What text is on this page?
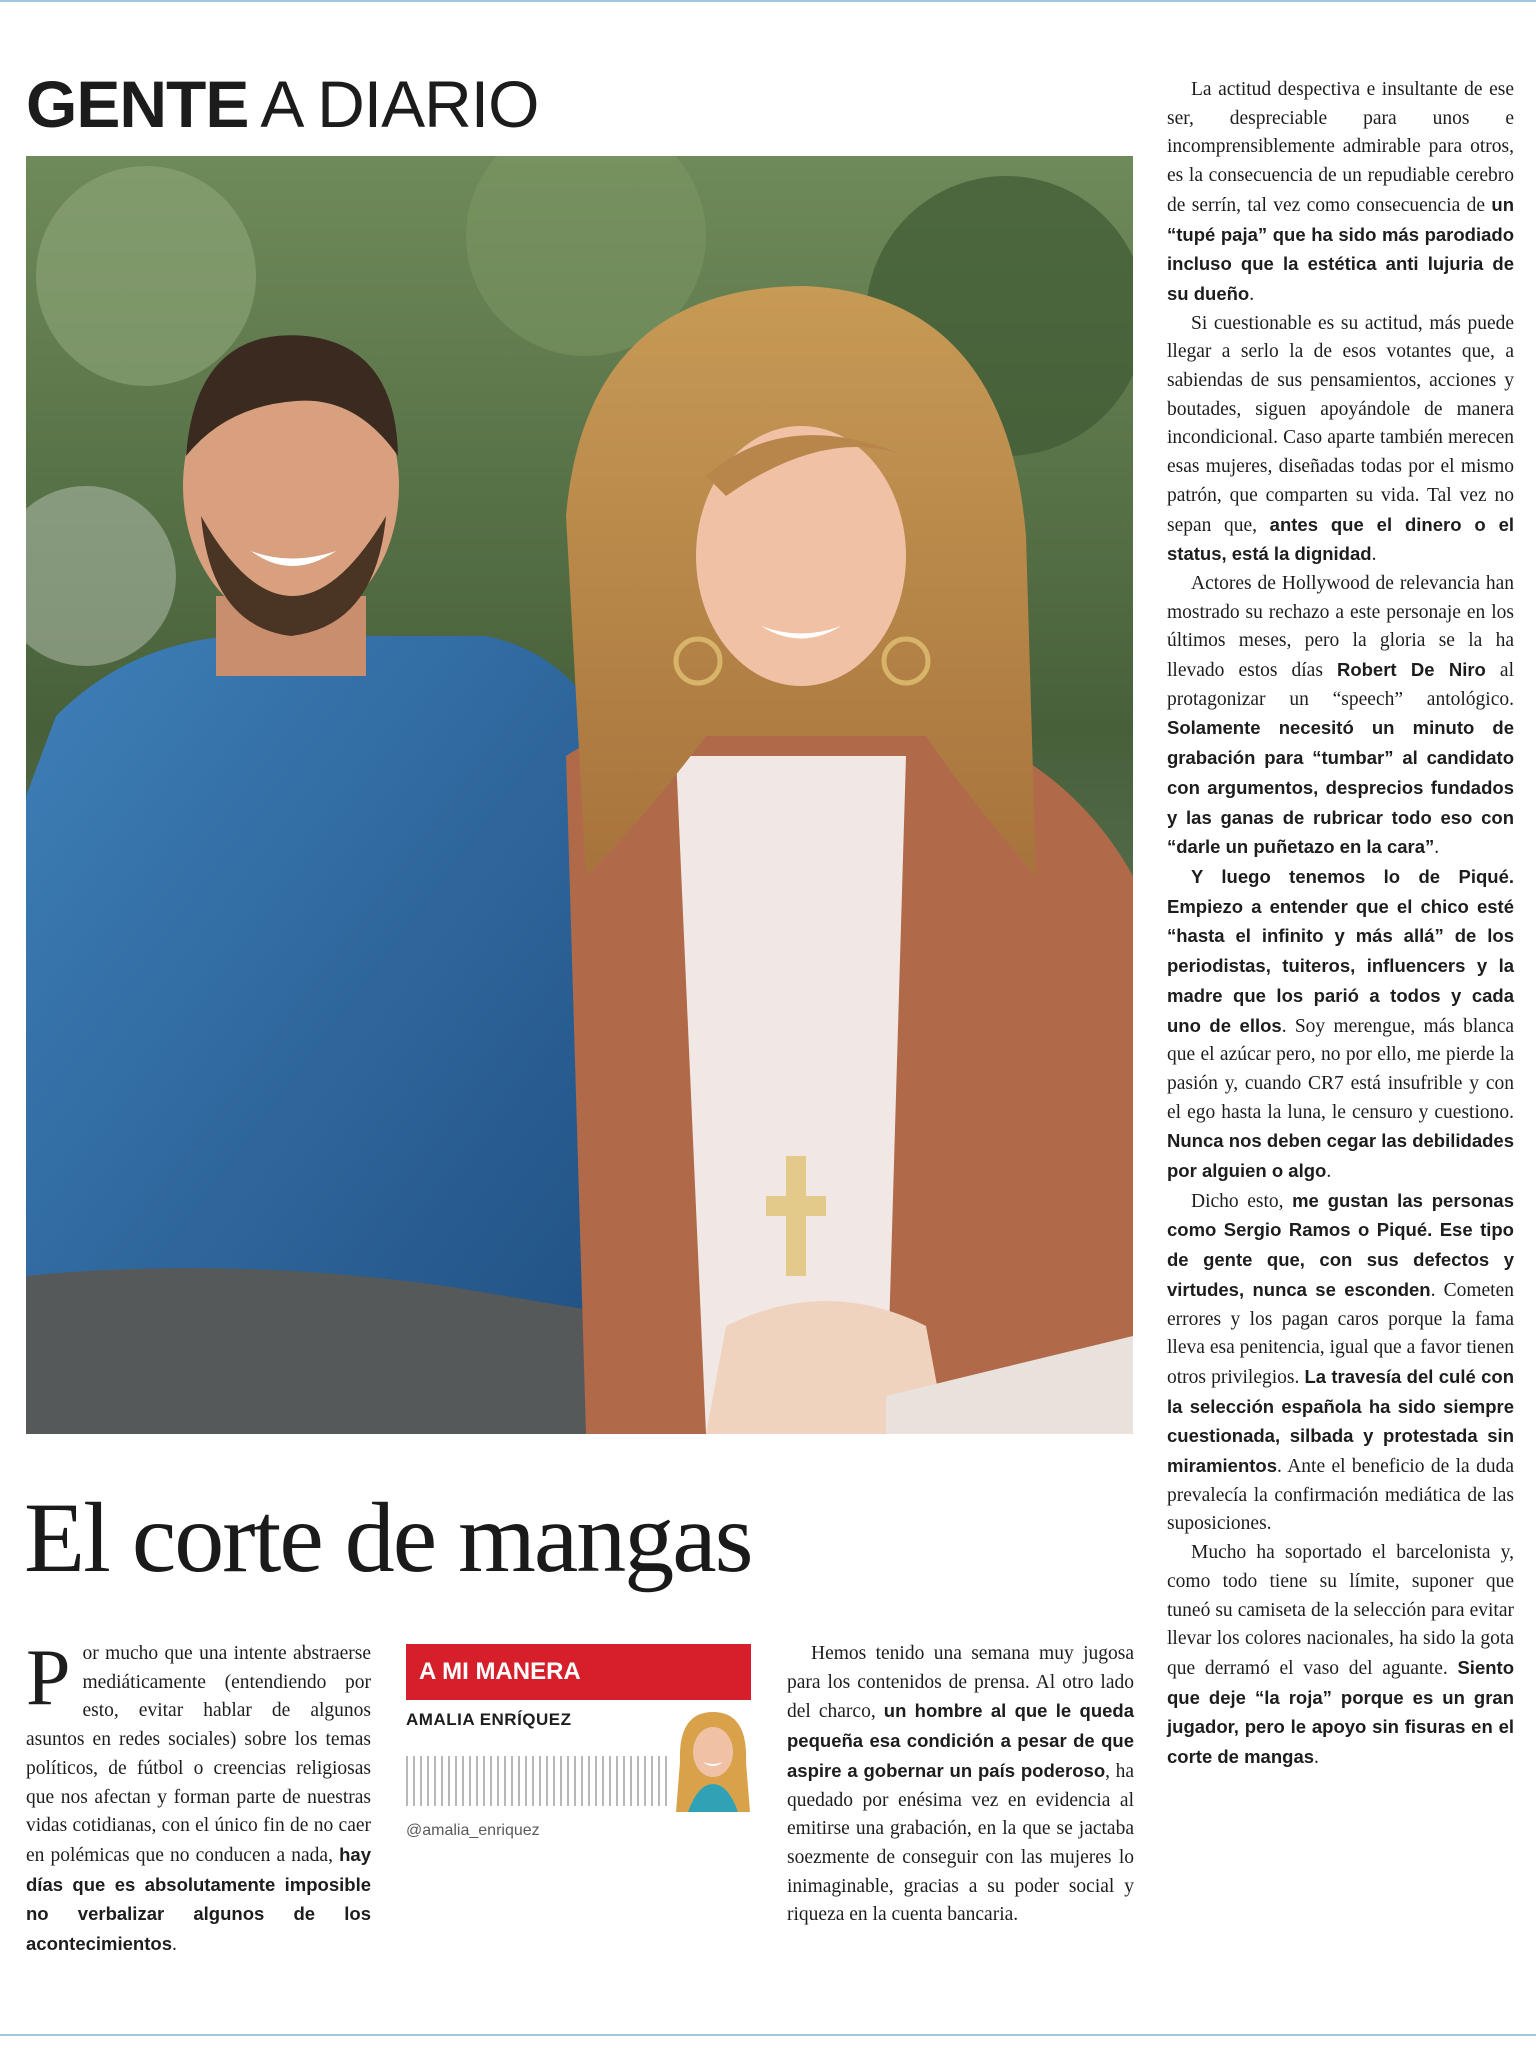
GENTE A DIARIO
El corte de mangas

Por mucho que una intente abstraerse mediáticamente (entendiendo por esto, evitar hablar de algunos asuntos en redes sociales) sobre los temas políticos, de fútbol o creencias religiosas que nos afectan y forman parte de nuestras vidas cotidianas, con el único fin de no caer en polémicas que no conducen a nada, hay días que es absolutamente imposible no verbalizar algunos de los acontecimientos.

A MI MANERA
AMALIA ENRÍQUEZ
@amalia_enriquez

Hemos tenido una semana muy jugosa para los contenidos de prensa. Al otro lado del charco, un hombre al que le queda pequeña esa condición a pesar de que aspire a gobernar un país poderoso, ha quedado por enésima vez en evidencia al emitirse una grabación, en la que se jactaba soezmente de conseguir con las mujeres lo inimaginable, gracias a su poder social y riqueza en la cuenta bancaria.

La actitud despectiva e insultante de ese ser, despreciable para unos e incomprensiblemente admirable para otros, es la consecuencia de un repudiable cerebro de serrín, tal vez como consecuencia de un “tupé paja” que ha sido más parodiado incluso que la estética anti lujuria de su dueño.

Si cuestionable es su actitud, más puede llegar a serlo la de esos votantes que, a sabiendas de sus pensamientos, acciones y boutades, siguen apoyándole de manera incondicional. Caso aparte también merecen esas mujeres, diseñadas todas por el mismo patrón, que comparten su vida. Tal vez no sepan que, antes que el dinero o el status, está la dignidad.

Actores de Hollywood de relevancia han mostrado su rechazo a este personaje en los últimos meses, pero la gloria se la ha llevado estos días Robert De Niro al protagonizar un “speech” antológico. Solamente necesitó un minuto de grabación para “tumbar” al candidato con argumentos, desprecios fundados y las ganas de rubricar todo eso con “darle un puñetazo en la cara”.

Y luego tenemos lo de Piqué. Empiezo a entender que el chico esté “hasta el infinito y más allá” de los periodistas, tuiteros, influencers y la madre que los parió a todos y cada uno de ellos. Soy merengue, más blanca que el azúcar pero, no por ello, me pierde la pasión y, cuando CR7 está insufrible y con el ego hasta la luna, le censuro y cuestiono. Nunca nos deben cegar las debilidades por alguien o algo.

Dicho esto, me gustan las personas como Sergio Ramos o Piqué. Ese tipo de gente que, con sus defectos y virtudes, nunca se esconden. Cometen errores y los pagan caros porque la fama lleva esa penitencia, igual que a favor tienen otros privilegios. La travesía del culé con la selección española ha sido siempre cuestionada, silbada y protestada sin miramientos. Ante el beneficio de la duda prevalecía la confirmación mediática de las suposiciones.

Mucho ha soportado el barcelonista y, como todo tiene su límite, suponer que tuneó su camiseta de la selección para evitar llevar los colores nacionales, ha sido la gota que derramó el vaso del aguante. Siento que deje “la roja” porque es un gran jugador, pero le apoyo sin fisuras en el corte de mangas.
